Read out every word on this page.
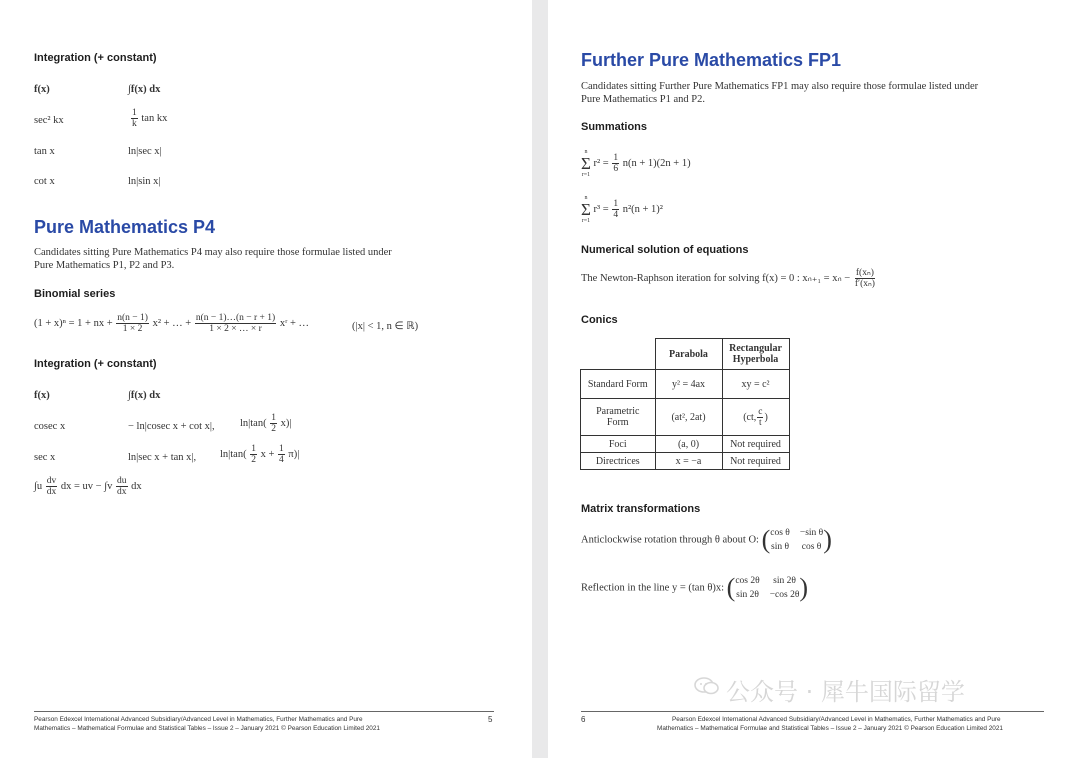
Integration (+ constant)
f(x)	∫f(x) dx
sec² kx	$\frac{1}{k}$ tan kx
tan x	ln|sec x|
cot x	ln|sin x|
Pure Mathematics P4
Candidates sitting Pure Mathematics P4 may also require those formulae listed under
Pure Mathematics P1, P2 and P3.
Binomial series
(1 + x)ⁿ = 1 + nx + $\frac{n(n - 1)}{1 \times 2} x^2$ + … + $\frac{n(n - 1)\dots(n - r + 1)}{1 \times 2 \times \dots \times r}$ xʳ + …	(|x| < 1, n ∈ ℝ)
Integration (+ constant)
f(x)	∫f(x) dx
cosec x	− ln|cosec x + cot x|, $\ln|\tan( \frac{1}{2} x)|$
sec x	ln|sec x + tan x|, $\ln|\tan( \frac{1}{2}$ $x + \frac{1}{4} \pi)|$
$\int u \frac{dv}{dx}$ dx = uv − $\int v \frac{du}{dx}$ dx
Pearson Edexcel International Advanced Subsidiary/Advanced Level in Mathematics, Further Mathematics and Pure
Mathematics – Mathematical Formulae and Statistical Tables – Issue 2 – January 2021 © Pearson Education Limited 2021
5
Further Pure Mathematics FP1
Candidates sitting Further Pure Mathematics FP1 may also require those formulae listed under
Pure Mathematics P1 and P2.
Summations
n
Σ
r=1
$r^2 = \frac{1}{6} n(n + 1)(2n + 1)$
n
Σ
r=1
$r^3 = \frac{1}{4} n^2(n + 1)^2$
Numerical solution of equations
The Newton-Raphson iteration for solving f(x) = 0 : $x_{n+1} = x_n - \frac{\text{f(xₙ)}}{\text{f′(xₙ)}}$
Conics
	Parabola	Rectangular Hyperbola
Standard Form	y² = 4ax	xy = c²
Parametric Form	(at², 2at)	(ct, $\frac{c}{t}$ )
Foci	(a, 0)	Not required
Directrices	x = −a	Not required
Matrix transformations
Anticlockwise rotation through θ about O: ( cos θ −sin θ
sin θ cos θ )
Reflection in the line y = (tan θ)x: ( cos 2θ	sin 2θ
sin 2θ −cos 2θ )
6	Pearson Edexcel International Advanced Subsidiary/Advanced Level in Mathematics, Further Mathematics and Pure
Mathematics – Mathematical Formulae and Statistical Tables – Issue 2 – January 2021 © Pearson Education Limited 2021
公众号 · 犀牛国际留学
